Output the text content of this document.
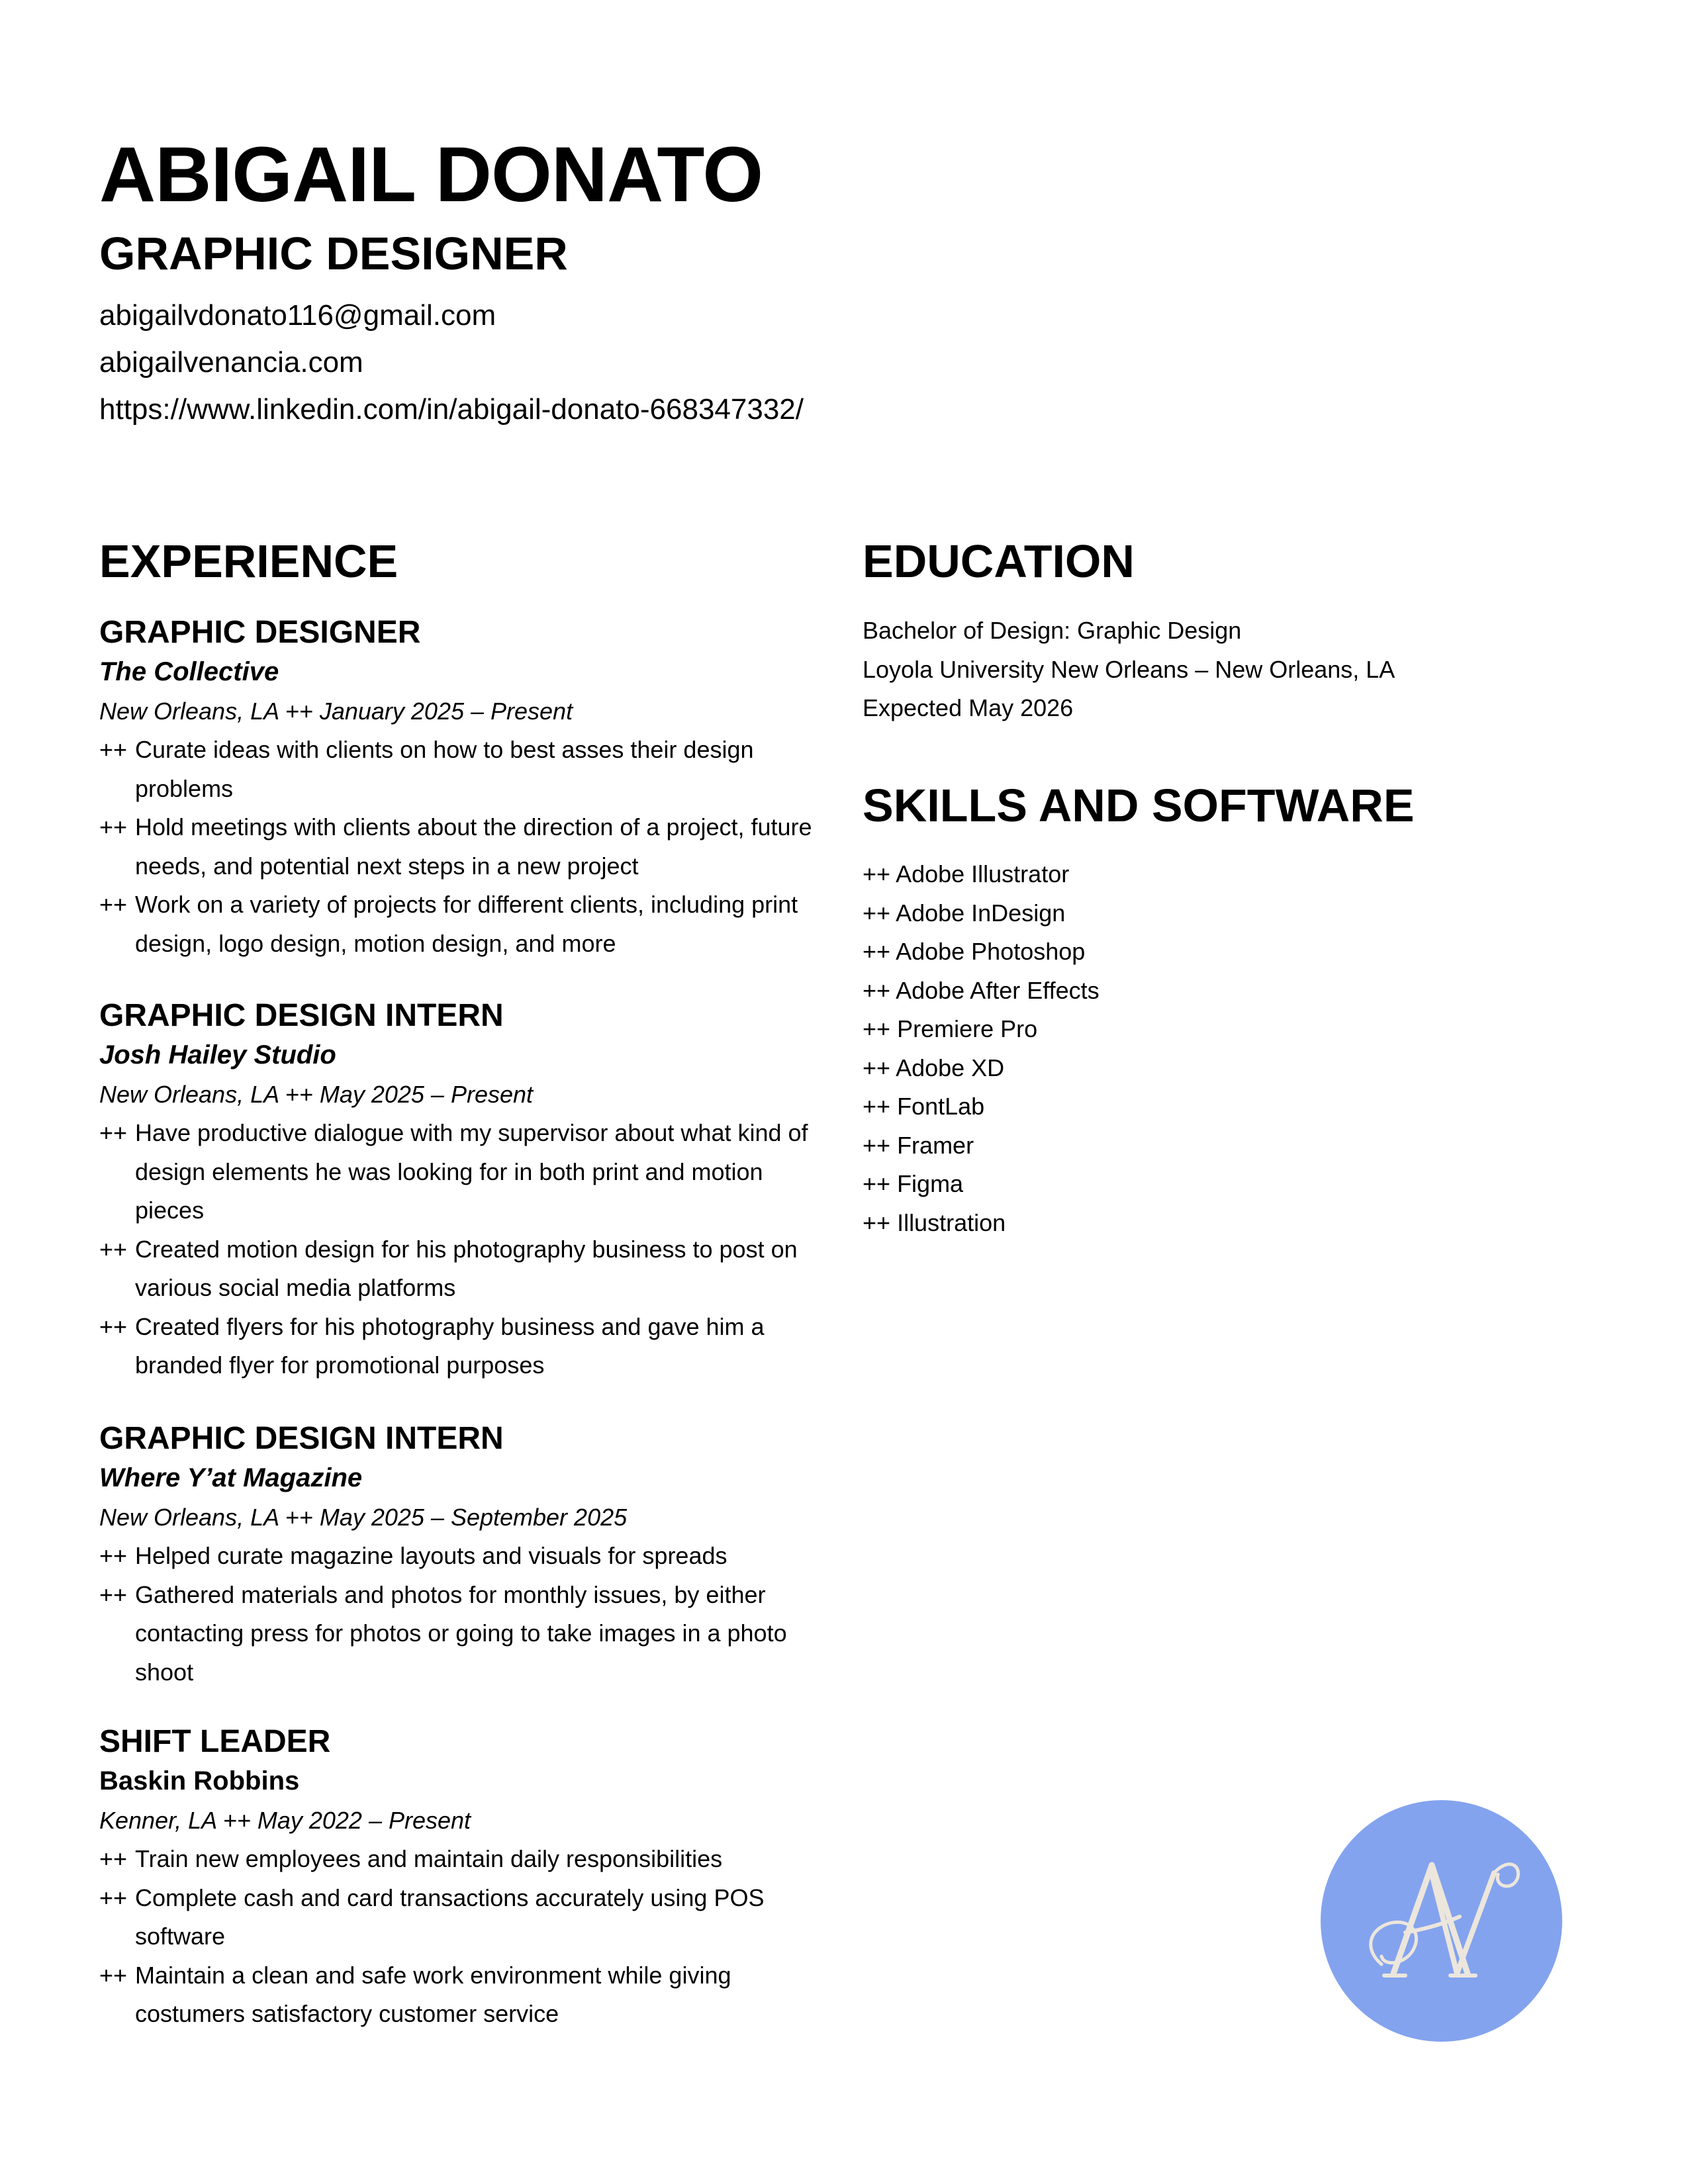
ABIGAIL DONATO
GRAPHIC DESIGNER
abigailvdonato116@gmail.com
abigailvenancia.com
https://www.linkedin.com/in/abigail-donato-668347332/
EXPERIENCE
GRAPHIC DESIGNER
The Collective
New Orleans, LA ++ January 2025 – Present
++ Curate ideas with clients on how to best asses their design problems
++ Hold meetings with clients about the direction of a project, future needs, and potential next steps in a new project
++ Work on a variety of projects for different clients, including print design, logo design, motion design, and more
GRAPHIC DESIGN INTERN
Josh Hailey Studio
New Orleans, LA ++ May 2025 – Present
++ Have productive dialogue with my supervisor about what kind of design elements he was looking for in both print and motion pieces
++ Created motion design for his photography business to post on various social media platforms
++ Created flyers for his photography business and gave him a branded flyer for promotional purposes
GRAPHIC DESIGN INTERN
Where Y’at Magazine
New Orleans, LA ++ May 2025 – September 2025
++ Helped curate magazine layouts and visuals for spreads
++ Gathered materials and photos for monthly issues, by either contacting press for photos or going to take images in a photo shoot
SHIFT LEADER
Baskin Robbins
Kenner, LA ++ May 2022 – Present
++ Train new employees and maintain daily responsibilities
++ Complete cash and card transactions accurately using POS software
++ Maintain a clean and safe work environment while giving costumers satisfactory customer service
EDUCATION
Bachelor of Design: Graphic Design
Loyola University New Orleans – New Orleans, LA
Expected May 2026
SKILLS AND SOFTWARE
++ Adobe Illustrator
++ Adobe InDesign
++ Adobe Photoshop
++ Adobe After Effects
++ Premiere Pro
++ Adobe XD
++ FontLab
++ Framer
++ Figma
++ Illustration
